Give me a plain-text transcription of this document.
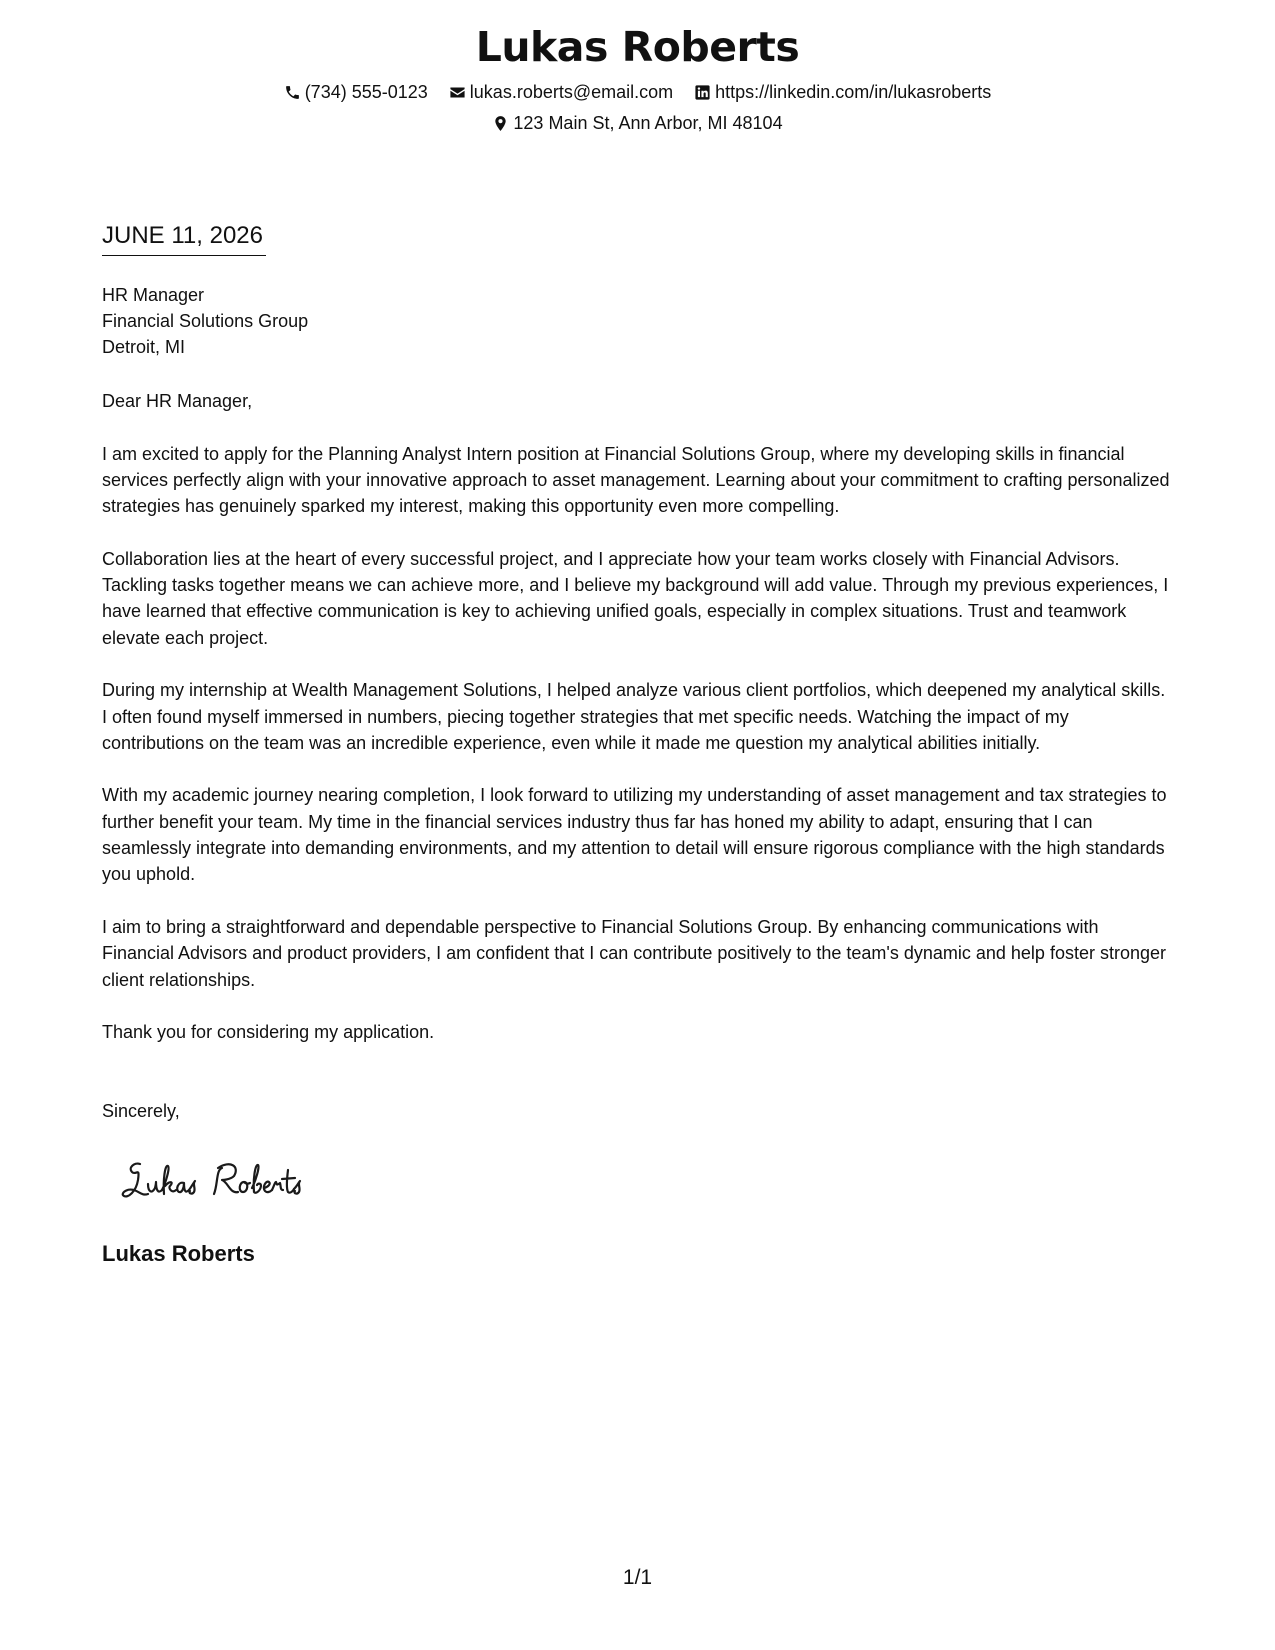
Lukas Roberts
(734) 555-0123
lukas.roberts@email.com
https://linkedin.com/in/lukasroberts
123 Main St, Ann Arbor, MI 48104
JUNE 11, 2026
HR Manager
Financial Solutions Group
Detroit, MI

Dear HR Manager,

I am excited to apply for the Planning Analyst Intern position at Financial Solutions Group, where my developing skills in financial services perfectly align with your innovative approach to asset management. Learning about your commitment to crafting personalized strategies has genuinely sparked my interest, making this opportunity even more compelling.

Collaboration lies at the heart of every successful project, and I appreciate how your team works closely with Financial Advisors. Tackling tasks together means we can achieve more, and I believe my background will add value. Through my previous experiences, I have learned that effective communication is key to achieving unified goals, especially in complex situations. Trust and teamwork elevate each project.

During my internship at Wealth Management Solutions, I helped analyze various client portfolios, which deepened my analytical skills. I often found myself immersed in numbers, piecing together strategies that met specific needs. Watching the impact of my contributions on the team was an incredible experience, even while it made me question my analytical abilities initially.

With my academic journey nearing completion, I look forward to utilizing my understanding of asset management and tax strategies to further benefit your team. My time in the financial services industry thus far has honed my ability to adapt, ensuring that I can seamlessly integrate into demanding environments, and my attention to detail will ensure rigorous compliance with the high standards you uphold.

I aim to bring a straightforward and dependable perspective to Financial Solutions Group. By enhancing communications with Financial Advisors and product providers, I am confident that I can contribute positively to the team's dynamic and help foster stronger client relationships.

Thank you for considering my application.

Sincerely,
Lukas Roberts
1/1
